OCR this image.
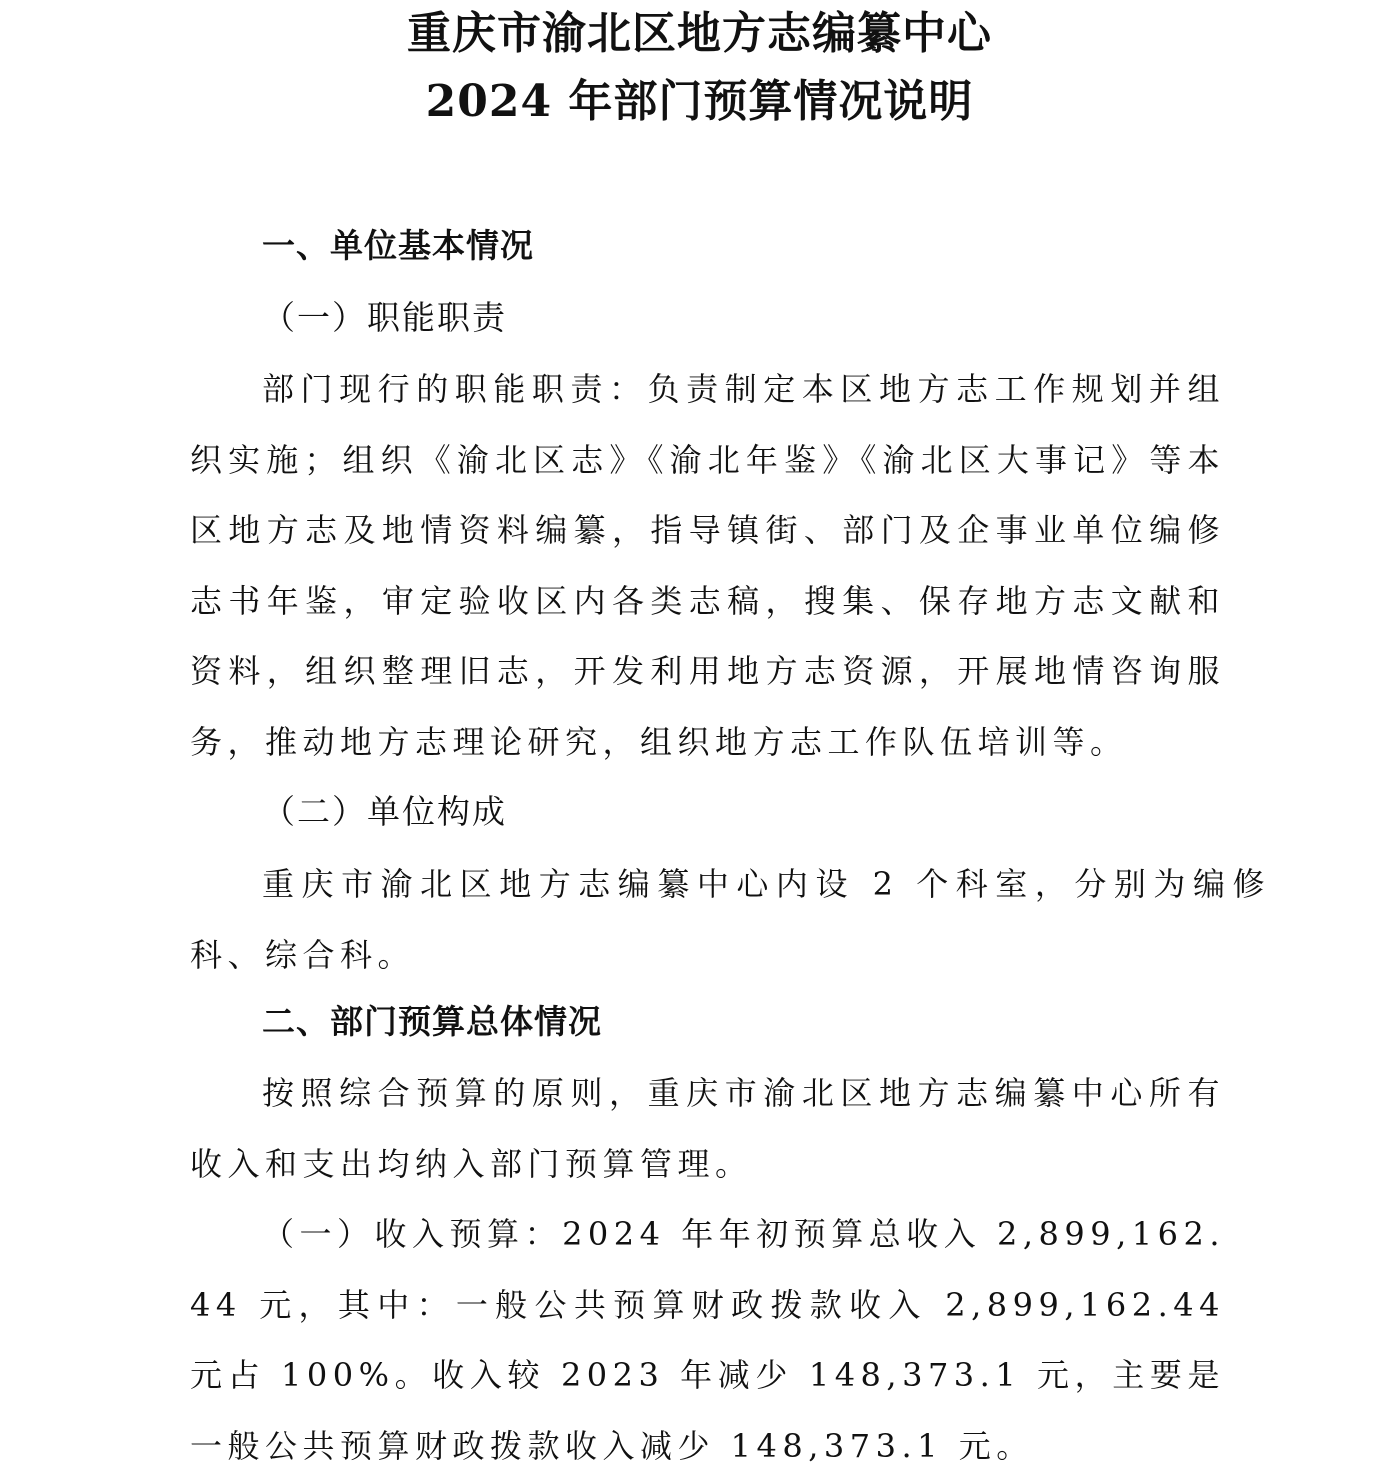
重庆市渝北区地方志编纂中心
2024 年部门预算情况说明
一、单位基本情况
（一）职能职责

部门现行的职能职责：负责制定本区地方志工作规划并组织实施；组织《渝北区志》《渝北年鉴》《渝北区大事记》等本区地方志及地情资料编纂，指导镇街、部门及企事业单位编修志书年鉴，审定验收区内各类志稿，搜集、保存地方志文献和资料，组织整理旧志，开发利用地方志资源，开展地情咨询服务，推动地方志理论研究，组织地方志工作队伍培训等。

（二）单位构成

重庆市渝北区地方志编纂中心内设 2 个科室，分别为编修科、综合科。

二、部门预算总体情况

按照综合预算的原则，重庆市渝北区地方志编纂中心所有收入和支出均纳入部门预算管理。

（一）收入预算：2024 年年初预算总收入 2,899,162.44 元，其中：一般公共预算财政拨款收入 2,899,162.44 元占 100%。收入较 2023 年减少 148,373.1 元，主要是一般公共预算财政拨款收入减少 148,373.1 元。
